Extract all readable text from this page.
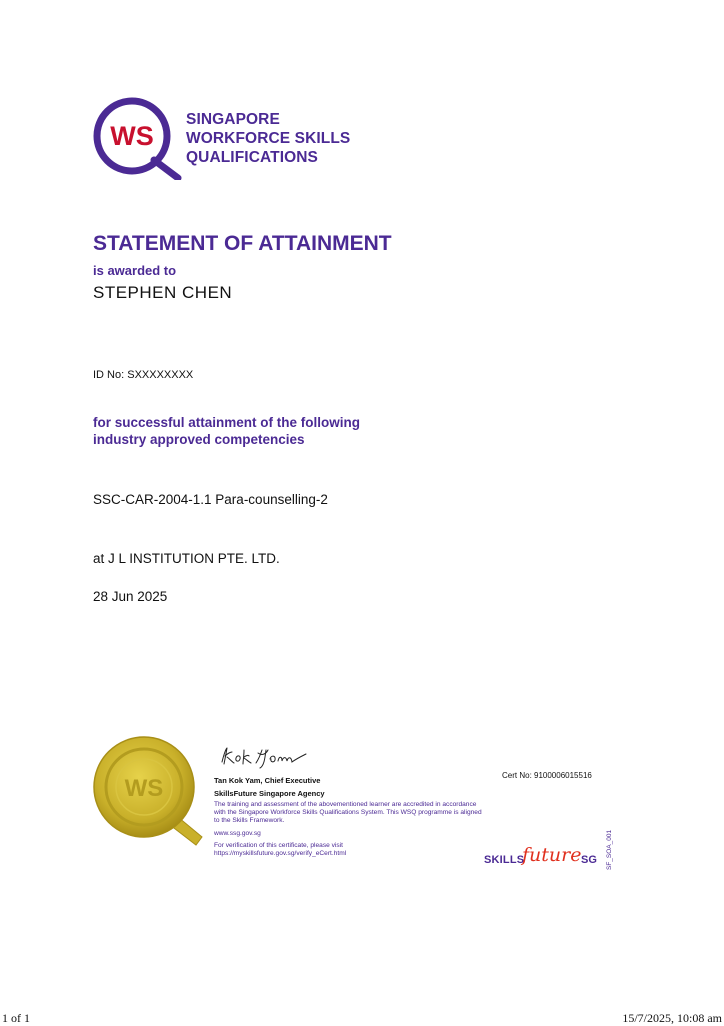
WS
SINGAPORE
WORKFORCE SKILLS
QUALIFICATIONS
STATEMENT OF ATTAINMENT
is awarded to
STEPHEN CHEN
ID No: SXXXXXXXX
for successful attainment of the following
industry approved competencies
SSC-CAR-2004-1.1 Para-counselling-2
at J L INSTITUTION PTE. LTD.
28 Jun 2025
WS	Tan Kok Yam, Chief Executive
SkillsFuture Singapore Agency
The training and assessment of the abovementioned learner are accredited in accordance with the Singapore Workforce Skills Qualifications System. This WSQ programme is aligned to the Skills Framework.
www.ssg.gov.sg
For verification of this certificate, please visit https://myskillsfuture.gov.sg/verify_eCert.html
Cert No: 9100006015516
SKILLS
future SG SF_SOA_001
1 of 1	15/7/2025, 10:08 am
